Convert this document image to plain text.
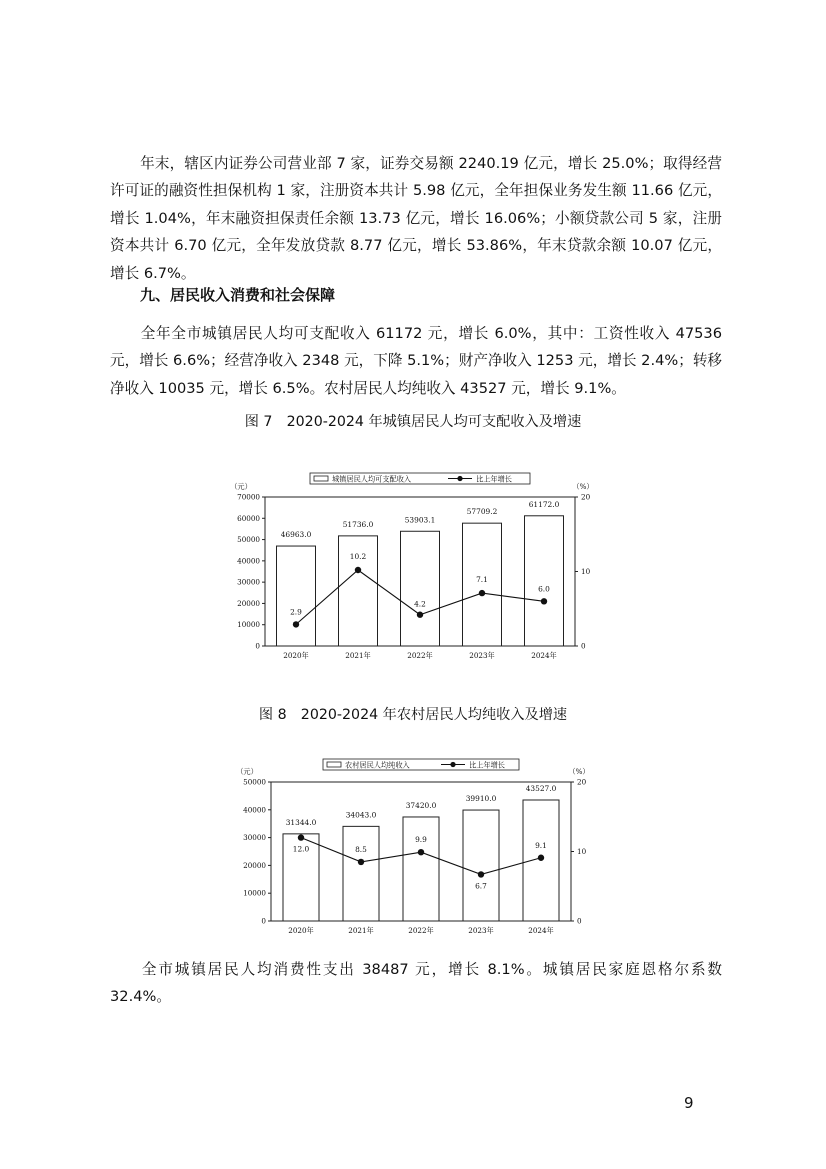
年末，辖区内证券公司营业部 7 家，证券交易额 2240.19 亿元，增长 25.0%；取得经营许可证的融资性担保机构 1 家，注册资本共计 5.98 亿元，全年担保业务发生额 11.66 亿元，增长 1.04%，年末融资担保责任余额 13.73 亿元，增长 16.06%；小额贷款公司 5 家，注册资本共计 6.70 亿元，全年发放贷款 8.77 亿元，增长 53.86%，年末贷款余额 10.07 亿元，增长 6.7%。

九、居民收入消费和社会保障

全年全市城镇居民人均可支配收入 61172 元，增长 6.0%，其中：工资性收入 47536 元，增长 6.6%；经营净收入 2348 元，下降 5.1%；财产净收入 1253 元，增长 2.4%；转移净收入 10035 元，增长 6.5%。农村居民人均纯收入 43527 元，增长 9.1%。

图 7　2020-2024 年城镇居民人均可支配收入及增速

0
10000
20000
30000
40000
50000
60000
70000
0
10
20
（元）	（%）
46963.0
51736.0
53903.1
57709.2
61172.0
2020年	2021年	2022年	2023年	2024年
2.9
10.2
4.2
7.1
6.0
城镇居民人均可支配收入	比上年增长

图 8　2020-2024 年农村居民人均纯收入及增速

0
10000
20000
30000
40000
50000
0
10
20
（元）	（%）
31344.0
34043.0
37420.0
39910.0
43527.0
2020年	2021年	2022年	2023年	2024年
12.0	8.5
9.9
6.7
9.1
农村居民人均纯收入	比上年增长

全市城镇居民人均消费性支出 38487 元，增长 8.1%。城镇居民家庭恩格尔系数 32.4%。

9
